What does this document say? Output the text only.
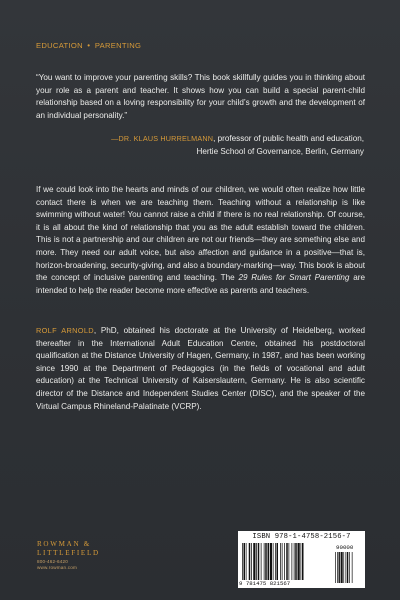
EDUCATION • PARENTING

“You want to improve your parenting skills? This book skillfully guides you in thinking about your role as a parent and teacher. It shows how you can build a special parent-child relationship based on a loving responsibility for your child’s growth and the development of an individual personality.”

—DR. KLAUS HURRELMANN, professor of public health and education,
Hertie School of Governance, Berlin, Germany

If we could look into the hearts and minds of our children, we would often realize how little contact there is when we are teaching them. Teaching without a relationship is like swimming without water! You cannot raise a child if there is no real relationship. Of course, it is all about the kind of relationship that you as the adult establish toward the children. This is not a partnership and our children are not our friends—they are something else and more. They need our adult voice, but also affection and guidance in a positive—that is, horizon-broadening, security-giving, and also a boundary-marking—way. This book is about the concept of inclusive parenting and teaching. The 29 Rules for Smart Parenting are intended to help the reader become more effective as parents and teachers.

ROLF ARNOLD, PhD, obtained his doctorate at the University of Heidelberg, worked thereafter in the International Adult Education Centre, obtained his postdoctoral qualification at the Distance University of Hagen, Germany, in 1987, and has been working since 1990 at the Department of Pedagogics (in the fields of vocational and adult education) at the Technical University of Kaiserslautern, Germany. He is also scientific director of the Distance and Independent Studies Center (DISC), and the speaker of the Virtual Campus Rhineland-Palatinate (VCRP).

ROWMAN &
LITTLEFIELD
800-462-6420
www.rowman.com
ISBN 978-1-4758-2156-7
90000
9 781475 821567
